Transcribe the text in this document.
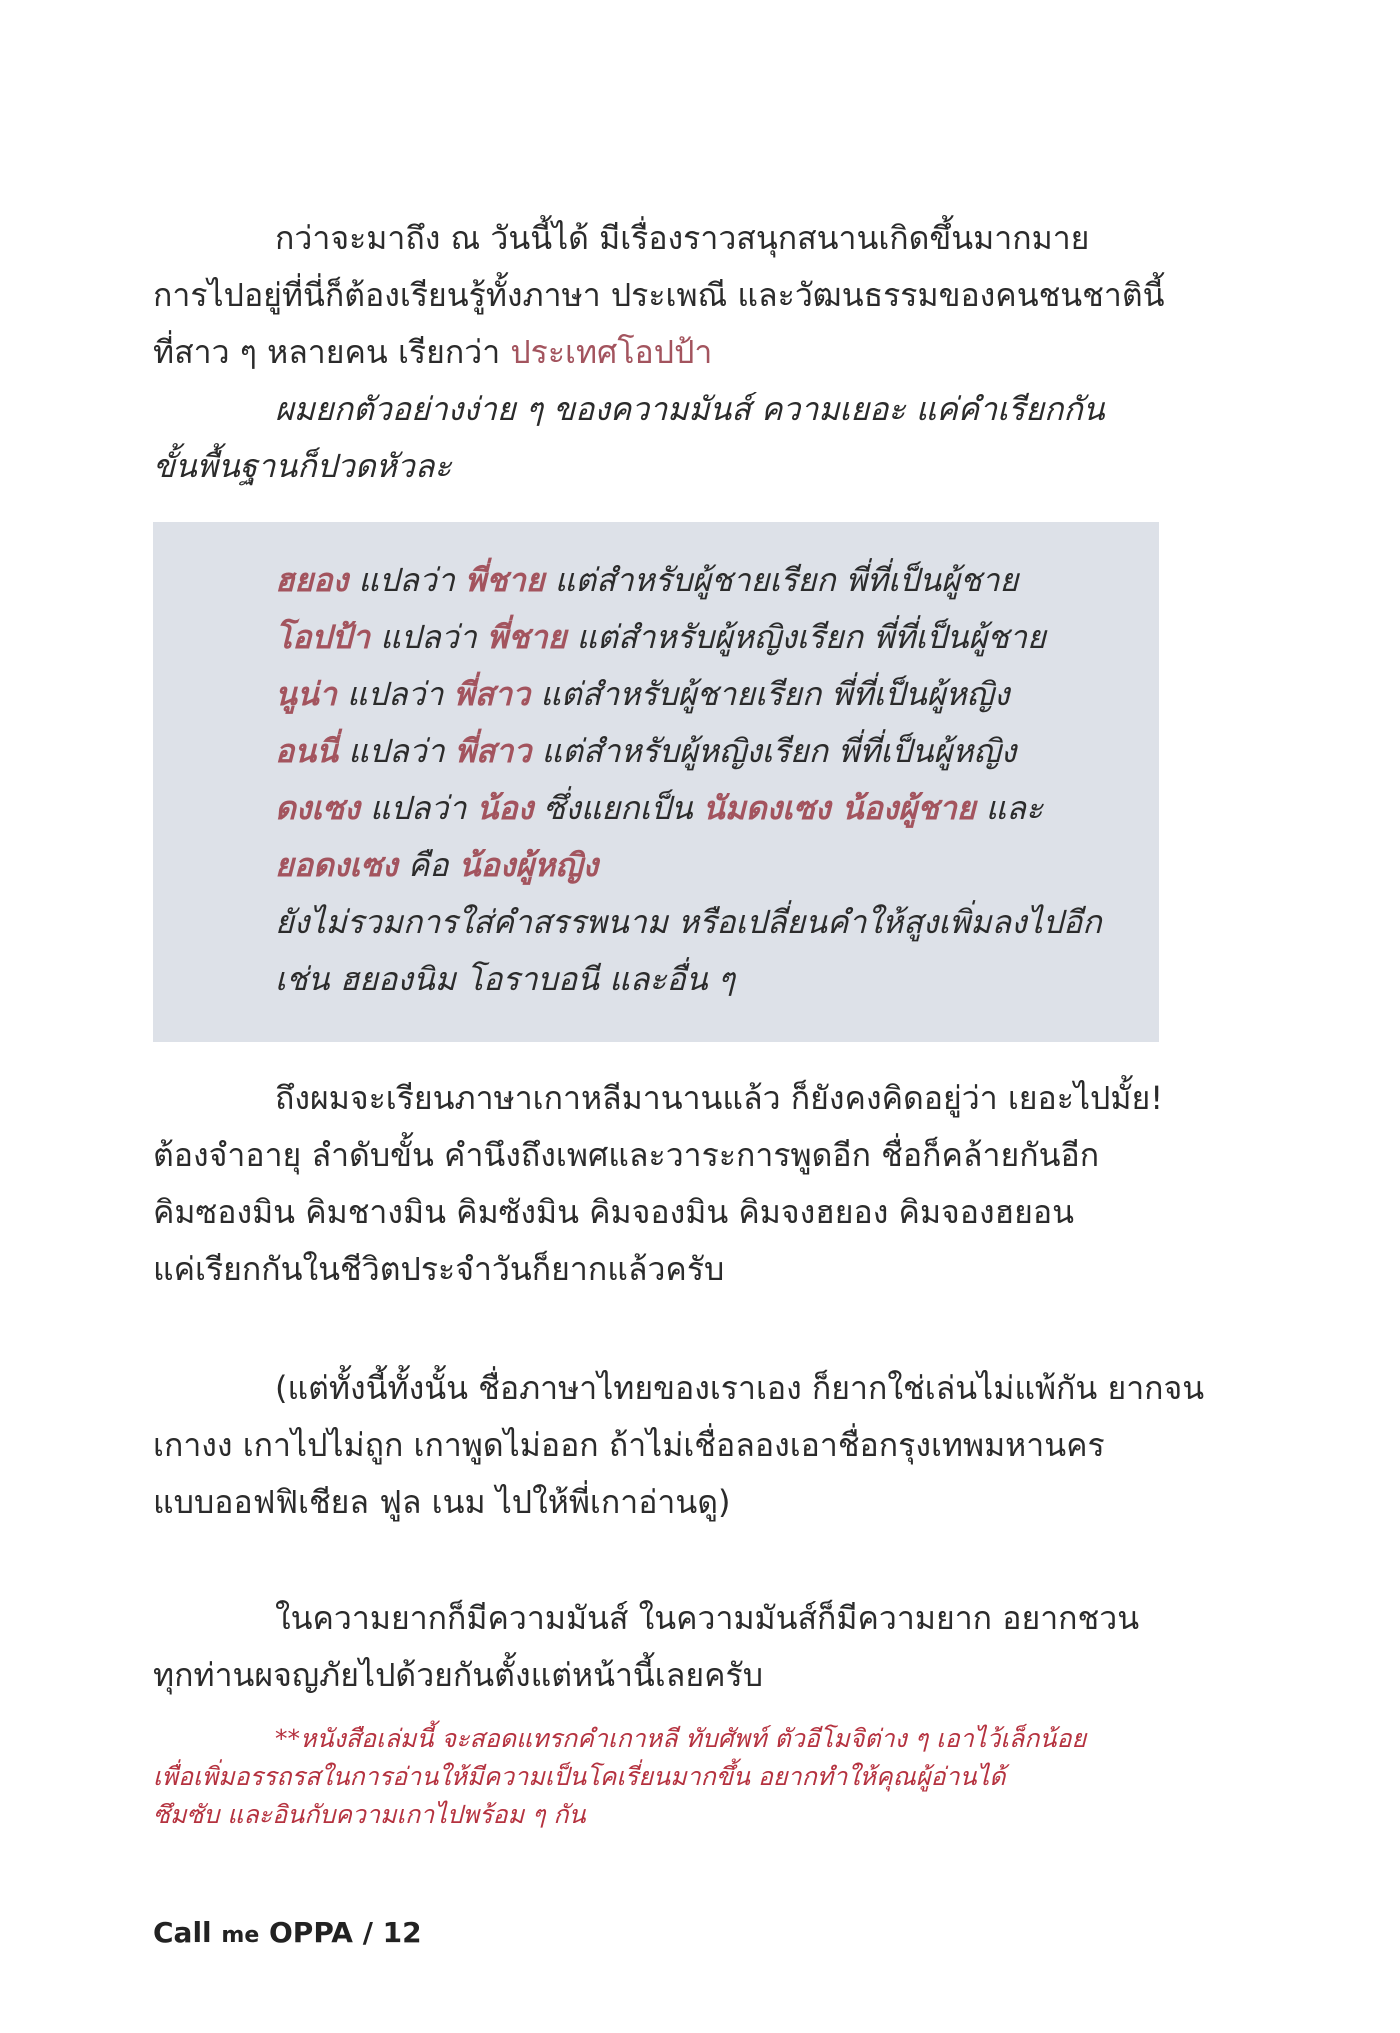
กว่าจะมาถึง ณ วันนี้ได้ มีเรื่องราวสนุกสนานเกิดขึ้นมากมาย

การไปอยู่ที่นี่ก็ต้องเรียนรู้ทั้งภาษา ประเพณี และวัฒนธรรมของคนชนชาตินี้

ที่สาว ๆ หลายคน เรียกว่า ประเทศโอปป้า

ผมยกตัวอย่างง่าย ๆ ของความมันส์ ความเยอะ แค่คำเรียกกัน

ขั้นพื้นฐานก็ปวดหัวละ

ฮยอง แปลว่า พี่ชาย แต่สำหรับผู้ชายเรียก พี่ที่เป็นผู้ชาย

โอปป้า แปลว่า พี่ชาย แต่สำหรับผู้หญิงเรียก พี่ที่เป็นผู้ชาย

นูน่า แปลว่า พี่สาว แต่สำหรับผู้ชายเรียก พี่ที่เป็นผู้หญิง

อนนี่ แปลว่า พี่สาว แต่สำหรับผู้หญิงเรียก พี่ที่เป็นผู้หญิง

ดงเซง แปลว่า น้อง ซึ่งแยกเป็น นัมดงเซง น้องผู้ชาย และ

ยอดงเซง คือ น้องผู้หญิง

ยังไม่รวมการใส่คำสรรพนาม หรือเปลี่ยนคำให้สูงเพิ่มลงไปอีก

เช่น ฮยองนิม โอราบอนี และอื่น ๆ

ถึงผมจะเรียนภาษาเกาหลีมานานแล้ว ก็ยังคงคิดอยู่ว่า เยอะไปมั้ย!

ต้องจำอายุ ลำดับขั้น คำนึงถึงเพศและวาระการพูดอีก ชื่อก็คล้ายกันอีก

คิมซองมิน คิมชางมิน คิมซังมิน คิมจองมิน คิมจงฮยอง คิมจองฮยอน

แค่เรียกกันในชีวิตประจำวันก็ยากแล้วครับ

(แต่ทั้งนี้ทั้งนั้น ชื่อภาษาไทยของเราเอง ก็ยากใช่เล่นไม่แพ้กัน ยากจน

เกางง เกาไปไม่ถูก เกาพูดไม่ออก ถ้าไม่เชื่อลองเอาชื่อกรุงเทพมหานคร

แบบออฟฟิเชียล ฟูล เนม ไปให้พี่เกาอ่านดู)

ในความยากก็มีความมันส์ ในความมันส์ก็มีความยาก อยากชวน

ทุกท่านผจญภัยไปด้วยกันตั้งแต่หน้านี้เลยครับ

**หนังสือเล่มนี้ จะสอดแทรกคำเกาหลี ทับศัพท์ ตัวอีโมจิต่าง ๆ เอาไว้เล็กน้อย

เพื่อเพิ่มอรรถรสในการอ่านให้มีความเป็นโคเรี่ยนมากขึ้น อยากทำให้คุณผู้อ่านได้

ซึมซับ และอินกับความเกาไปพร้อม ๆ กัน

Call me OPPA / 12
